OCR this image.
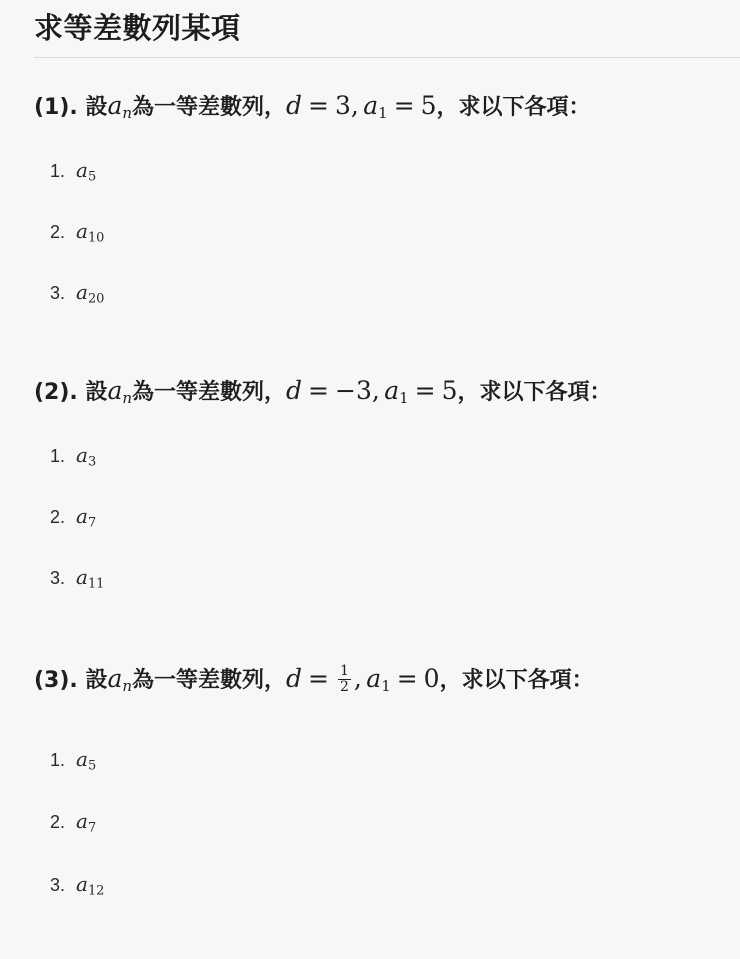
求等差數列某項

(1). 設$a_n$為一等差數列，d = 3,  $a_1 = 5$，求以下各項：

1. $a_5$
2. $a_{10}$
3. $a_{20}$

(2). 設$a_n$為一等差數列，d = −3,  $a_1 = 5$，求以下各項：

1. $a_3$
2. $a_7$
3. $a_{11}$

(3). 設$a_n$為一等差數列，$d = \frac{1}{2}$ ,  $a_1 = 0$，求以下各項：

1. $a_5$
2. $a_7$
3. $a_{12}$
